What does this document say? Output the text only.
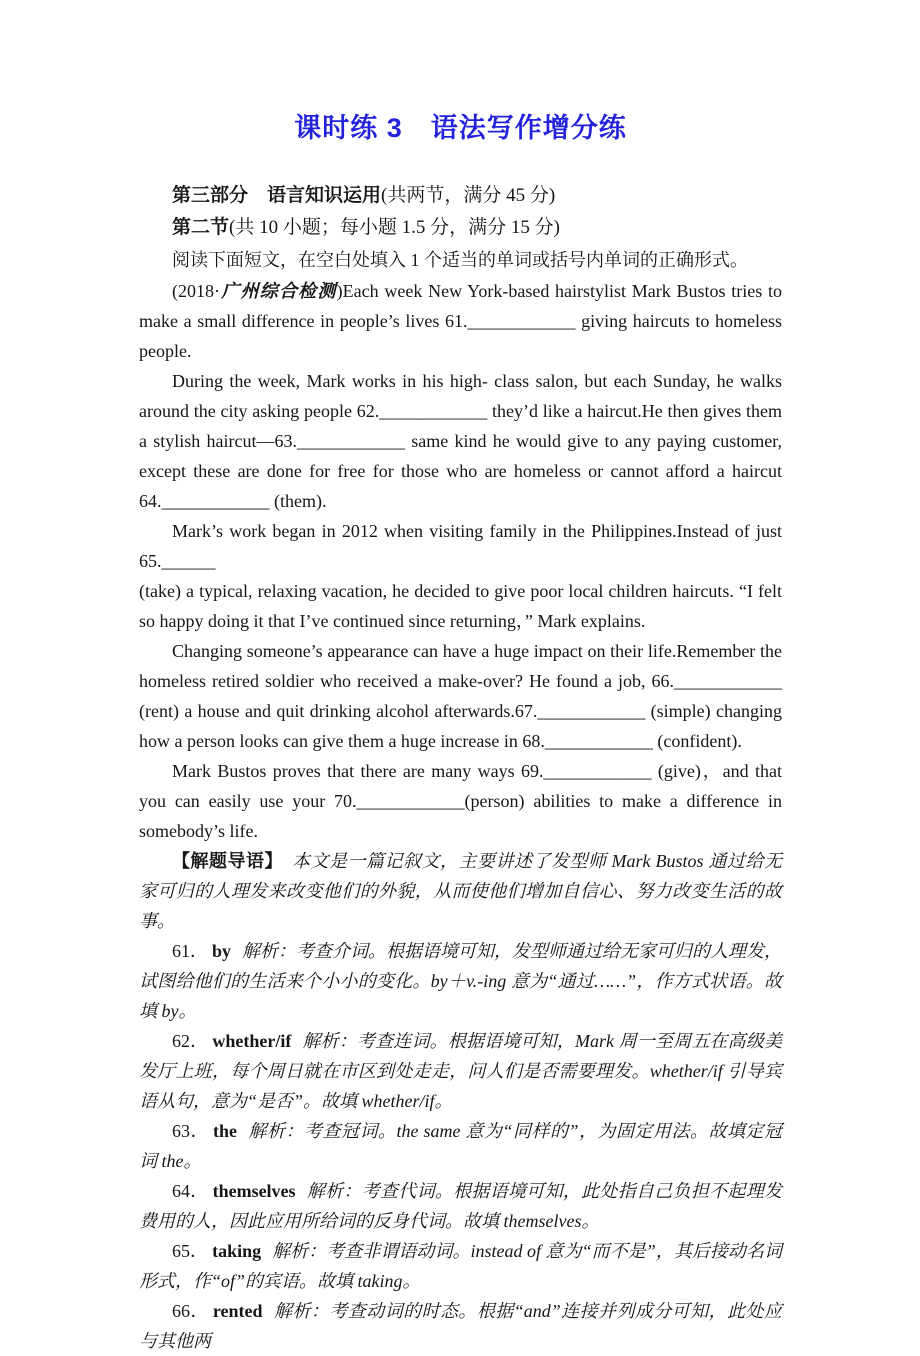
课时练 3　语法写作增分练

第三部分　语言知识运用(共两节，满分 45 分)

第二节(共 10 小题；每小题 1.5 分，满分 15 分)

阅读下面短文，在空白处填入 1 个适当的单词或括号内单词的正确形式。

(2018·广州综合检测)Each week New York-based hairstylist Mark Bustos tries to make a small difference in people’s lives 61.____________ giving haircuts to homeless people.

During the week, Mark works in his high- class salon, but each Sunday, he walks around the city asking people 62.____________ they’d like a haircut.He then gives them a stylish haircut—63.____________ same kind he would give to any paying customer, except these are done for free for those who are homeless or cannot afford a haircut 64.____________ (them).

Mark’s work began in 2012 when visiting family in the Philippines.Instead of just 65.______
(take) a typical, relaxing vacation, he decided to give poor local children haircuts. “I felt so happy doing it that I’ve continued since returning，” Mark explains.

Changing someone’s appearance can have a huge impact on their life.Remember the homeless retired soldier who received a make-over? He found a job, 66.____________ (rent) a house and quit drinking alcohol afterwards.67.____________ (simple) changing how a person looks can give them a huge increase in 68.____________ (confident).

Mark Bustos proves that there are many ways 69.____________ (give)，and that you can easily use your 70.____________(person) abilities to make a difference in somebody’s life.

【解题导语】 本文是一篇记叙文，主要讲述了发型师 Mark Bustos 通过给无家可归的人理发来改变他们的外貌，从而使他们增加自信心、努力改变生活的故事。

61． by 解析：考查介词。根据语境可知，发型师通过给无家可归的人理发，试图给他们的生活来个小小的变化。by＋v.-ing 意为“通过……”，作方式状语。故填 by。

62． whether/if 解析：考查连词。根据语境可知，Mark 周一至周五在高级美发厅上班，每个周日就在市区到处走走，问人们是否需要理发。whether/if 引导宾语从句，意为“是否”。故填 whether/if。

63． the 解析：考查冠词。the same 意为“同样的”，为固定用法。故填定冠词 the。

64． themselves 解析：考查代词。根据语境可知，此处指自己负担不起理发费用的人，因此应用所给词的反身代词。故填 themselves。

65． taking 解析：考查非谓语动词。instead of 意为“而不是”，其后接动名词形式，作“of”的宾语。故填 taking。

66． rented 解析：考查动词的时态。根据“and”连接并列成分可知，此处应与其他两
